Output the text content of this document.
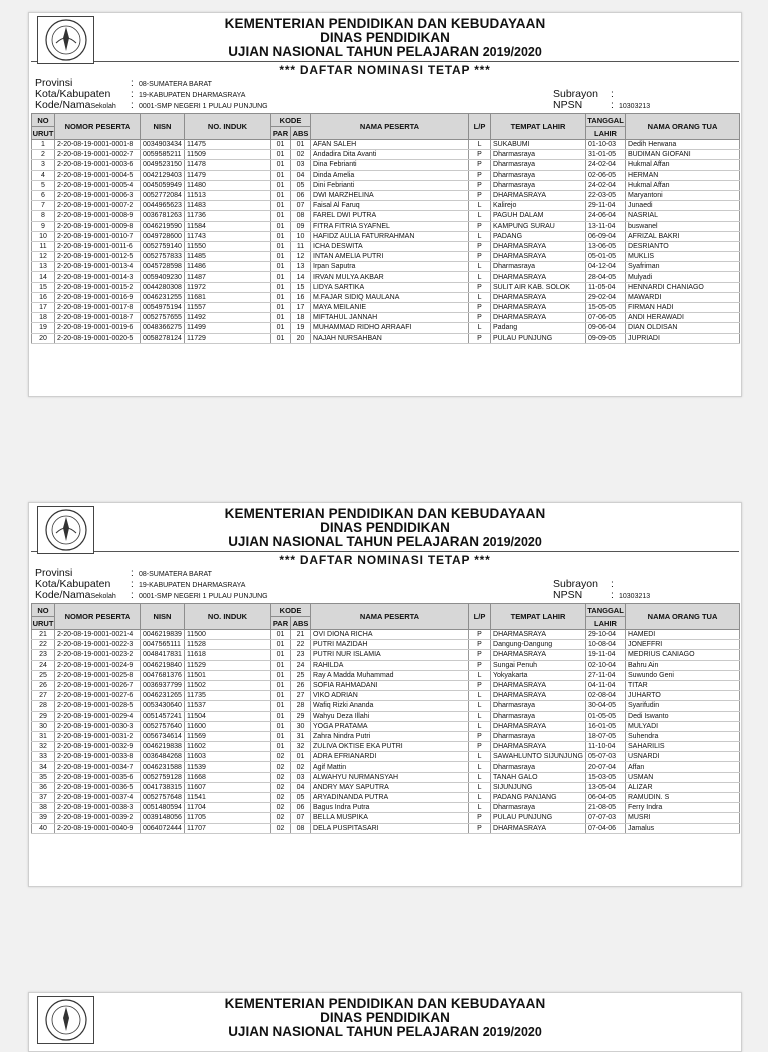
KEMENTERIAN PENDIDIKAN DAN KEBUDAYAAN
DINAS PENDIDIKAN
UJIAN NASIONAL TAHUN PELAJARAN 2019/2020
*** DAFTAR NOMINASI TETAP ***
Provinsi	: 08-SUMATERA BARAT
Kota/Kabupaten : 19-KABUPATEN DHARMASRAYA
Kode/NamaSekolah : 0001-SMP NEGERI 1 PULAU PUNJUNG
Subrayon :
NPSN	: 10303213
NO	NOMOR PESERTA	NISN	NO. INDUK	KODE		NAMA PESERTA	L/P	TEMPAT LAHIR	TANGGAL	NAMA ORANG TUA
URUT				PAR	ABS				LAHIR	
1	2-20-08-19-0001-0001-8	0034903434	11475	01	01	AFAN SALEH	L	SUKABUMI	01-10-03	Dedih Herwana
2	2-20-08-19-0001-0002-7	0059585211	11509	01	02	Andadira Dita Avanti	P	Dharmasraya	31-01-05	BUDIMAN GIOFANI
3	2-20-08-19-0001-0003-6	0049523150	11478	01	03	Dina Febrianti	P	Dharmasraya	24-02-04	Hukmal Affan
4	2-20-08-19-0001-0004-5	0042129403	11479	01	04	Dinda Amelia	P	Dharmasraya	02-06-05	HERMAN
5	2-20-08-19-0001-0005-4	0045059949	11480	01	05	Dini Febrianti	P	Dharmasraya	24-02-04	Hukmal Affan
6	2-20-08-19-0001-0006-3	0052772084	11513	01	06	DWI MARZHELINA	P	DHARMASRAYA	22-03-05	Maryantoni
7	2-20-08-19-0001-0007-2	0044965623	11483	01	07	Faisal Al Faruq	L	Kalirejo	29-11-04	Junaedi
8	2-20-08-19-0001-0008-9	0036781263	11736	01	08	FAREL DWI PUTRA	L	PAGUH DALAM	24-06-04	NASRIAL
9	2-20-08-19-0001-0009-8	0046219590	11584	01	09	FITRA FITRIA SYAFNEL	P	KAMPUNG SURAU	13-11-04	buswanel
10	2-20-08-19-0001-0010-7	0049728600	11743	01	10	HAFIDZ AULIA FATURRAHMAN	L	PADANG	06-09-04	AFRIZAL BAKRI
11	2-20-08-19-0001-0011-6	0052759140	11550	01	11	ICHA DESWITA	P	DHARMASRAYA	13-06-05	DESRIANTO
12	2-20-08-19-0001-0012-5	0052757833	11485	01	12	INTAN AMELIA PUTRI	P	DHARMASRAYA	05-01-05	MUKLIS
13	2-20-08-19-0001-0013-4	0045728598	11486	01	13	Irpan Saputra	L	Dharmasraya	04-12-04	Syafriman
14	2-20-08-19-0001-0014-3	0059409230	11487	01	14	IRVAN MULYA AKBAR	L	DHARMASRAYA	28-04-05	Mulyadi
15	2-20-08-19-0001-0015-2	0044280308	11972	01	15	LIDYA SARTIKA	P	SULIT AIR KAB. SOLOK	11-05-04	HENNARDI CHANIAGO
16	2-20-08-19-0001-0016-9	0046231255	11681	01	16	M.FAJAR SIDIQ MAULANA	L	DHARMASRAYA	29-02-04	MAWARDI
17	2-20-08-19-0001-0017-8	0054975194	11557	01	17	MAYA MEILANIE	P	DHARMASRAYA	15-05-05	FIRMAN HADI
18	2-20-08-19-0001-0018-7	0052757655	11492	01	18	MIFTAHUL JANNAH	P	DHARMASRAYA	07-06-05	ANDI HERAWADI
19	2-20-08-19-0001-0019-6	0048366275	11499	01	19	MUHAMMAD RIDHO ARRAAFI	L	Padang	09-06-04	DIAN OLDISAN
20	2-20-08-19-0001-0020-5	0058278124	11729	01	20	NAJAH NURSAHBAN	P	PULAU PUNJUNG	09-09-05	JUPRIADI
KEMENTERIAN PENDIDIKAN DAN KEBUDAYAAN
DINAS PENDIDIKAN
UJIAN NASIONAL TAHUN PELAJARAN 2019/2020
*** DAFTAR NOMINASI TETAP ***
Provinsi	: 08-SUMATERA BARAT
Kota/Kabupaten : 19-KABUPATEN DHARMASRAYA
Kode/NamaSekolah : 0001-SMP NEGERI 1 PULAU PUNJUNG
Subrayon :
NPSN	: 10303213
NO	NOMOR PESERTA	NISN	NO. INDUK	KODE		NAMA PESERTA	L/P	TEMPAT LAHIR	TANGGAL	NAMA ORANG TUA
URUT				PAR	ABS				LAHIR	
21	2-20-08-19-0001-0021-4	0046219839	11500	01	21	OVI DIONA RICHA	P	DHARMASRAYA	29-10-04	HAMEDI
22	2-20-08-19-0001-0022-3	0047565111	11528	01	22	PUTRI MAZIDAH	P	Dangung-Dangung	10-08-04	JONEFFRI
23	2-20-08-19-0001-0023-2	0048417831	11618	01	23	PUTRI NUR ISLAMIA	P	DHARMASRAYA	19-11-04	MEDRIUS CANIAGO
24	2-20-08-19-0001-0024-9	0046219840	11529	01	24	RAHILDA	P	Sungai Penuh	02-10-04	Bahru Ain
25	2-20-08-19-0001-0025-8	0047681376	11501	01	25	Ray A Madda Muhammad	L	Yokyakarta	27-11-04	Suwundo Geni
26	2-20-08-19-0001-0026-7	0036937799	11502	01	26	SOFIA RAHMADANI	P	DHARMASRAYA	04-11-04	TITAR
27	2-20-08-19-0001-0027-6	0046231265	11735	01	27	VIKO ADRIAN	L	DHARMASRAYA	02-08-04	JUHARTO
28	2-20-08-19-0001-0028-5	0053430640	11537	01	28	Wafiq Rizki Ananda	L	Dharmasraya	30-04-05	Syarifudin
29	2-20-08-19-0001-0029-4	0051457241	11504	01	29	Wahyu Deza Illahi	L	Dharmasraya	01-05-05	Dedi Iswanto
30	2-20-08-19-0001-0030-3	0052757640	11600	01	30	YOGA PRATAMA	L	DHARMASRAYA	16-01-05	MULYADI
31	2-20-08-19-0001-0031-2	0056734614	11569	01	31	Zahra Nindra Putri	P	Dharmasraya	18-07-05	Suhendra
32	2-20-08-19-0001-0032-9	0046219838	11602	01	32	ZULIVA OKTISE EKA PUTRI	P	DHARMASRAYA	11-10-04	SAHARILIS
33	2-20-08-19-0001-0033-8	0036484268	11603	02	01	ADRA EFRIANARDI	L	SAWAHLUNTO SIJUNJUNG	05-07-03	USNARDI
34	2-20-08-19-0001-0034-7	0046231588	11539	02	02	Agif Mattin	L	Dharmasraya	20-07-04	Affan
35	2-20-08-19-0001-0035-6	0052759128	11668	02	03	ALWAHYU NURMANSYAH	L	TANAH GALO	15-03-05	USMAN
36	2-20-08-19-0001-0036-5	0041738315	11607	02	04	ANDRY MAY SAPUTRA	L	SIJUNJUNG	13-05-04	ALIZAR
37	2-20-08-19-0001-0037-4	0052757648	11541	02	05	ARYADINANDA PUTRA	L	PADANG PANJANG	06-04-05	RAMUDIN. S
38	2-20-08-19-0001-0038-3	0051480594	11704	02	06	Bagus Indra Putra	L	Dharmasraya	21-08-05	Ferry Indra
39	2-20-08-19-0001-0039-2	0039148056	11705	02	07	BELLA MUSPIKA	P	PULAU PUNJUNG	07-07-03	MUSRI
40	2-20-08-19-0001-0040-9	0064072444	11707	02	08	DELA PUSPITASARI	P	DHARMASRAYA	07-04-06	Jamalus
KEMENTERIAN PENDIDIKAN DAN KEBUDAYAAN
DINAS PENDIDIKAN
UJIAN NASIONAL TAHUN PELAJARAN 2019/2020
